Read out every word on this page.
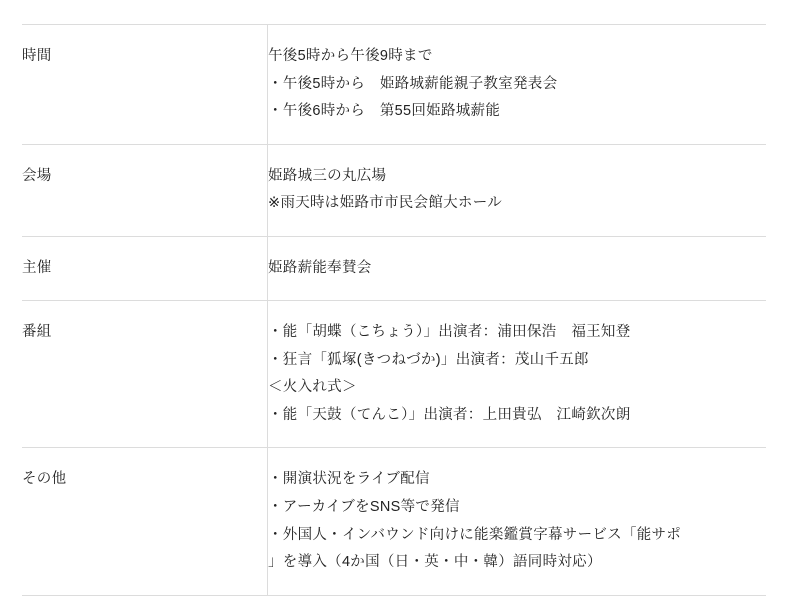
時間	午後5時から午後9時まで
・午後5時から　姫路城薪能親子教室発表会
・午後6時から　第55回姫路城薪能

会場	姫路城三の丸広場
※雨天時は姫路市市民会館大ホール

主催	姫路薪能奉賛会

番組	・能「胡蝶（こちょう）」出演者：浦田保浩　福王知登
・狂言「狐塚(きつねづか)」出演者：茂山千五郎
＜火入れ式＞
・能「天鼓（てんこ）」出演者：上田貴弘　江崎欽次朗

その他	・開演状況をライブ配信
・アーカイブをSNS等で発信
・外国人・インバウンド向けに能楽鑑賞字幕サービス「能サポ
」を導入（4か国（日・英・中・韓）語同時対応）
